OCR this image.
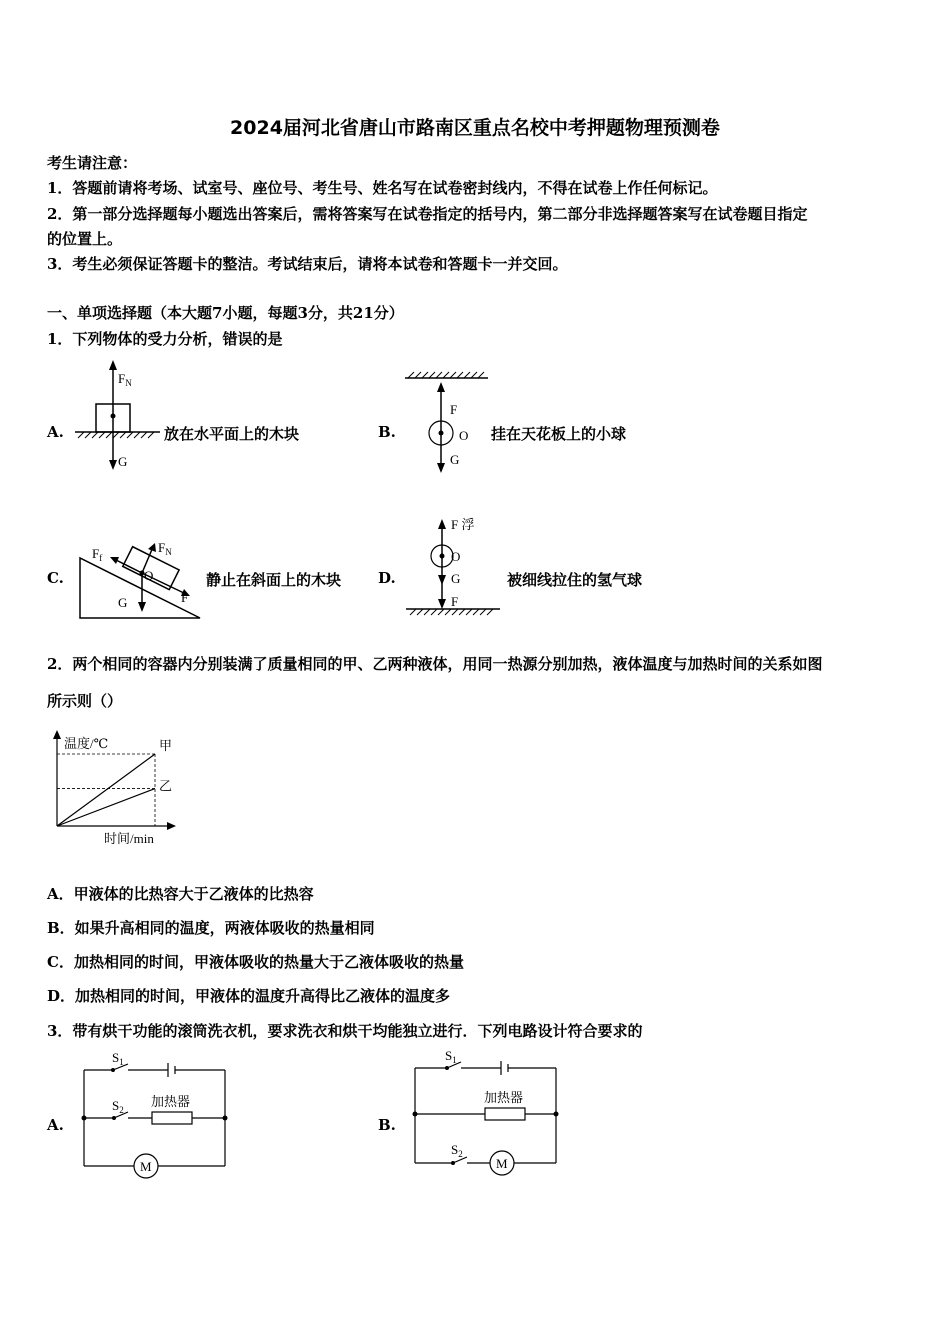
2024届河北省唐山市路南区重点名校中考押题物理预测卷
考生请注意：
1．答题前请将考场、试室号、座位号、考生号、姓名写在试卷密封线内，不得在试卷上作任何标记。
2．第一部分选择题每小题选出答案后，需将答案写在试卷指定的括号内，第二部分非选择题答案写在试卷题目指定
的位置上。
3．考生必须保证答题卡的整洁。考试结束后，请将本试卷和答题卡一并交回。
一、单项选择题（本大题7小题，每题3分，共21分）
1．下列物体的受力分析，错误的是
A.
$F_N$
G
放在水平面上的木块	B.
F
O
G
挂在天花板上的小球
C.
$F_f$
$F_N$
O
G	F
静止在斜面上的木块 D.
F 浮
O
G
F
被细线拉住的氢气球
2．两个相同的容器内分别装满了质量相同的甲、乙两种液体，用同一热源分别加热，液体温度与加热时间的关系如图
所示则（）
温度/℃
时间/min
甲
乙
A．甲液体的比热容大于乙液体的比热容
B．如果升高相同的温度，两液体吸收的热量相同
C．加热相同的时间，甲液体吸收的热量大于乙液体吸收的热量
D．加热相同的时间，甲液体的温度升高得比乙液体的温度多
3．带有烘干功能的滚筒洗衣机，要求洗衣和烘干均能独立进行．下列电路设计符合要求的
A.
$S_1$
$S_2$
加热器
M
B.
$S_1$
$S_2$
加热器
M
